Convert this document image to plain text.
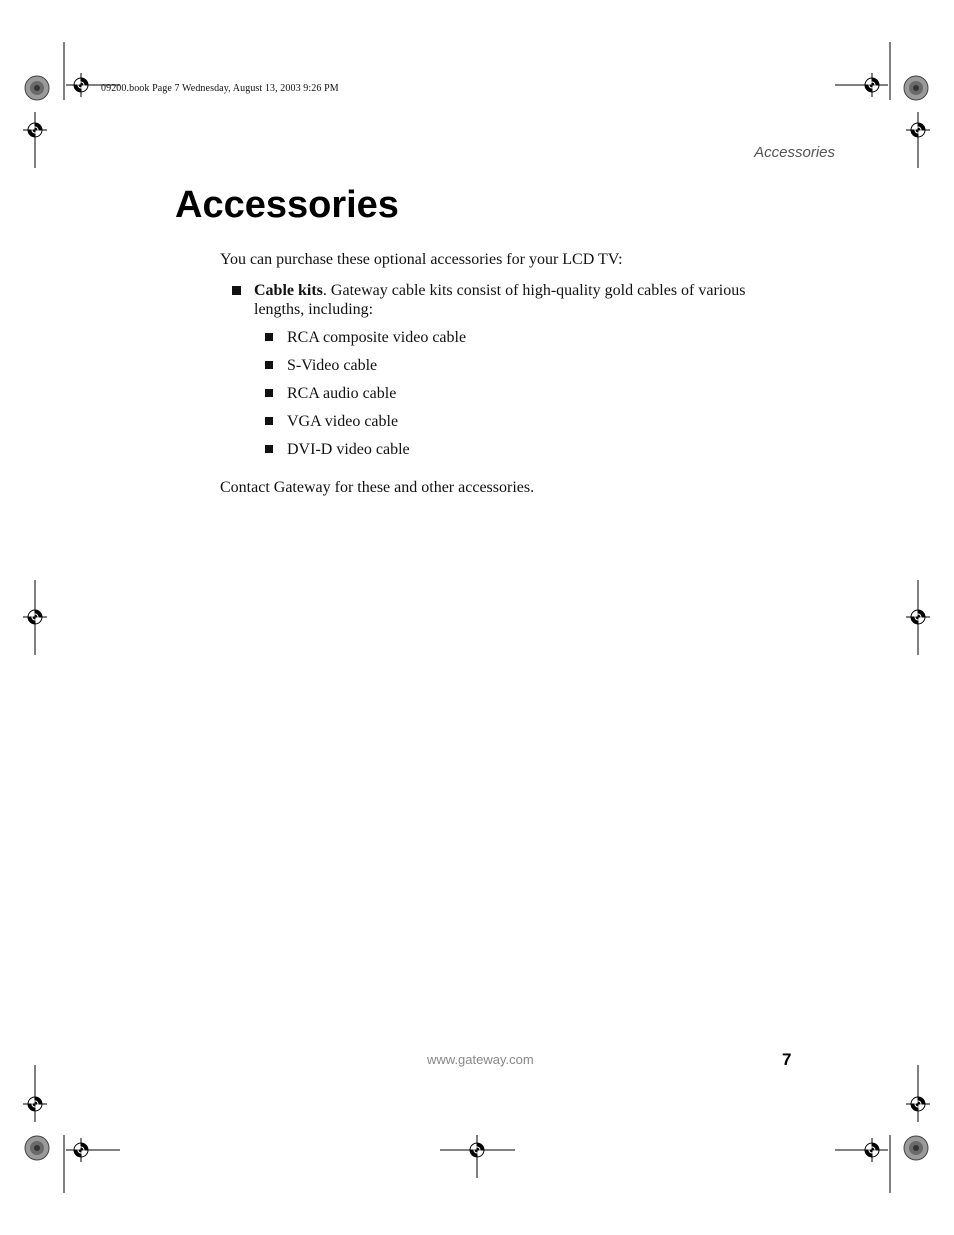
09200.book Page 7 Wednesday, August 13, 2003 9:26 PM
Accessories
Accessories
You can purchase these optional accessories for your LCD TV:
Cable kits. Gateway cable kits consist of high-quality gold cables of various lengths, including:
RCA composite video cable
S-Video cable
RCA audio cable
VGA video cable
DVI-D video cable
Contact Gateway for these and other accessories.
www.gateway.com	7
